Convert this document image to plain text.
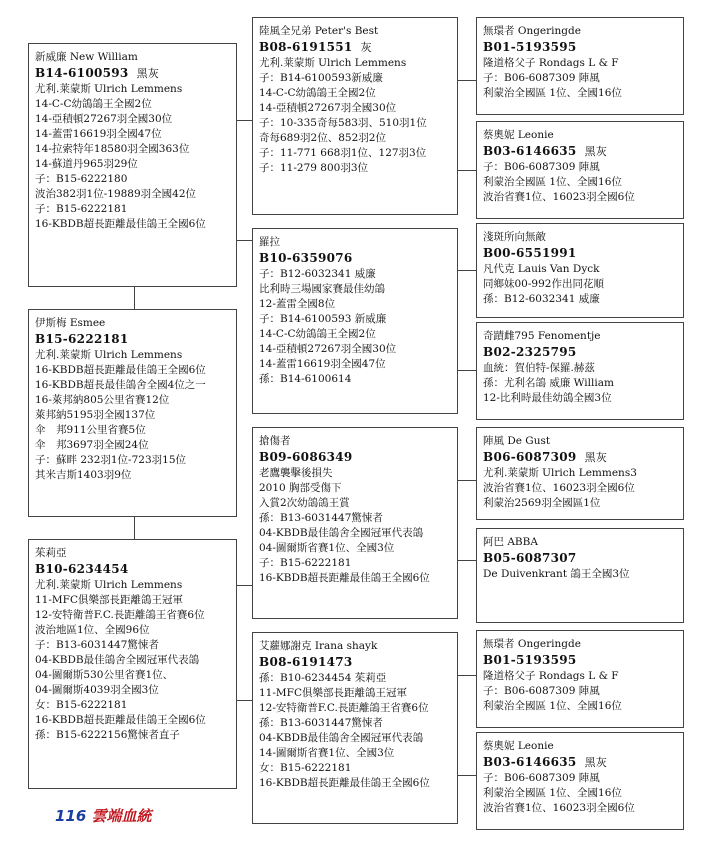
新威廉 New William
B14-6100593 黑灰
尤利.莱蒙斯 Ulrich Lemmens
14-C-C幼鴿鴿王全國2位
14-亞積頓27267羽全國30位
14-蓋雷16619羽全國47位
14-拉索特年18580羽全國363位
14-蘇道丹965羽29位
子：B15-6222180
波治382羽1位-19889羽全國42位
子：B15-6222181
16-KBDB超長距離最佳鴿王全國6位
伊斯梅 Esmee
B15-6222181
尤利.莱蒙斯 Ulrich Lemmens
16-KBDB超長距離最佳鴿王全國6位
16-KBDB超長最佳鴿舍全國4位之一
16-萊邦納805公里省賽12位
萊邦納5195羽全國137位
伞　邦911公里省賽5位
伞　邦3697羽全國24位
子：蘇畔 232羽1位-723羽15位
其米吉斯1403羽9位
茱莉亞
B10-6234454
尤利.莱蒙斯 Ulrich Lemmens
11-MFC俱樂部長距離鴿王冠軍
12-安特衛普F.C.長距離鴿王省賽6位
波治地區1位、全國96位
子：B13-6031447驚悚者
04-KBDB最佳鴿舍全國冠軍代表鴿
04-圖爾斯530公里省賽1位、
04-圖爾斯4039羽全國3位
女：B15-6222181
16-KBDB超長距離最佳鴿王全國6位
孫：B15-6222156驚悚者直子
陸風全兄弟 Peter's Best
B08-6191551 灰
尤利.莱蒙斯 Ulrich Lemmens
子：B14-6100593新威廉
14-C-C幼鴿鴿王全國2位
14-亞積頓27267羽全國30位
子：10-335奇每583羽、510羽1位
奇每689羽2位、852羽2位
子：11-771 668羽1位、127羽3位
子：11-279 800羽3位
羅拉
B10-6359076
子：B12-6032341 威廉
比利時三場國家賽最佳幼鴿
12-蓋雷全國8位
子：B14-6100593 新威廉
14-C-C幼鴿鴿王全國2位
14-亞積頓27267羽全國30位
14-蓋雷16619羽全國47位
孫：B14-6100614
搶傷者
B09-6086349
老鷹襲擊後損失
2010 胸部受傷下
入賞2次幼鴿鴿王賞
孫：B13-6031447驚悚者
04-KBDB最佳鴿舍全國冠軍代表鴿
04-圖爾斯省賽1位、全國3位
子：B15-6222181
16-KBDB超長距離最佳鴿王全國6位
艾蘿娜謝克 Irana shayk
B08-6191473
孫：B10-6234454 茱莉亞
11-MFC俱樂部長距離鴿王冠軍
12-安特衛普F.C.長距離鴿王省賽6位
孫：B13-6031447驚悚者
04-KBDB最佳鴿舍全國冠軍代表鴿
14-圖爾斯省賽1位、全國3位
女：B15-6222181
16-KBDB超長距離最佳鴿王全國6位
無環者 Ongeringde
B01-5193595
隆道格父子 Rondags L & F
子：B06-6087309 陣風
利蒙治全國區 1位、全國16位
蔡奧妮 Leonie
B03-6146635 黑灰
子：B06-6087309 陣風
利蒙治全國區 1位、全國16位
波治省賽1位、16023羽全國6位
淺斑所向無敵
B00-6551991
凡代克 Lauis Van Dyck
同鄉妹00-992作出同花順
孫：B12-6032341 威廉
奇蹟雌795 Fenomentje
B02-2325795
血統：賀伯特-保羅.赫茲
孫：尤利名鴿 威廉 William
12-比利時最佳幼鴿全國3位
陣風 De Gust
B06-6087309 黑灰
尤利.莱蒙斯 Ulrich Lemmens3
波治省賽1位、16023羽全國6位
利蒙治2569羽全國區1位
阿巴 ABBA
B05-6087307
De Duivenkrant 鴿王全國3位
無環者 Ongeringde
B01-5193595
隆道格父子 Rondags L & F
子：B06-6087309 陣風
利蒙治全國區 1位、全國16位
蔡奧妮 Leonie
B03-6146635 黑灰
子：B06-6087309 陣風
利蒙治全國區 1位、全國16位
波治省賽1位、16023羽全國6位
116 雲端血統
